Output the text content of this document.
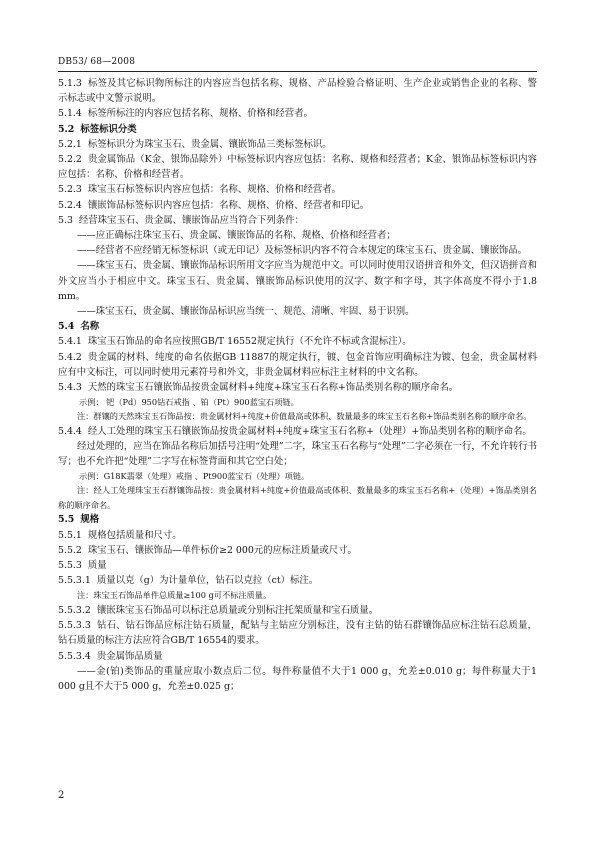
DB53/ 68—2008

5.1.3 标签及其它标识物所标注的内容应当包括名称、规格、产品检验合格证明、生产企业或销售企业的名称、警示标志或中文警示说明。

5.1.4 标签所标注的内容应包括名称、规格、价格和经营者。

5.2 标签标识分类

5.2.1 标签标识分为珠宝玉石、贵金属、镶嵌饰品三类标签标识。

5.2.2 贵金属饰品（K金、银饰品除外）中标签标识内容应包括：名称、规格和经营者；K金、银饰品标签标识内容应包括：名称、价格和经营者。

5.2.3 珠宝玉石标签标识内容应包括：名称、规格、价格和经营者。

5.2.4 镶嵌饰品标签标识内容应包括：名称、规格、价格、经营者和印记。

5.3 经营珠宝玉石、贵金属、镶嵌饰品应当符合下列条件：

——应正确标注珠宝玉石、贵金属、镶嵌饰品的名称、规格、价格和经营者；

——经营者不应经销无标签标识（或无印记）及标签标识内容不符合本规定的珠宝玉石、贵金属、镶嵌饰品。

——珠宝玉石、贵金属、镶嵌饰品标识所用文字应当为规范中文。可以同时使用汉语拼音和外文，但汉语拼音和外文应当小于相应中文。珠宝玉石、贵金属、镶嵌饰品标识使用的汉字、数字和字母，其字体高度不得小于1.8 mm。

——珠宝玉石、贵金属、镶嵌饰品标识应当统一、规范、清晰、牢固、易于识别。

5.4 名称

5.4.1 珠宝玉石饰品的命名应按照GB/T 16552规定执行（不允许不标或含混标注）。

5.4.2 贵金属的材料、纯度的命名依据GB 11887的规定执行，镀、包金首饰应明确标注为镀、包金，贵金属材料应有中文标注，可以同时使用元素符号和外文，非贵金属材料应标注主材料的中文名称。

5.4.3 天然的珠宝玉石镶嵌饰品按贵金属材料+纯度+珠宝玉石名称+饰品类别名称的顺序命名。

示例： 钯（Pd）950钻石戒指 、铂（Pt）900蓝宝石项链。

注：群镶的天然珠宝玉石饰品按：贵金属材料+纯度+价值最高或体积、数量最多的珠宝玉石名称+饰品类别名称的顺序命名。

5.4.4 经人工处理的珠宝玉石镶嵌饰品按贵金属材料+纯度+珠宝玉石名称+（处理）+饰品类别名称的顺序命名。

经过处理的，应当在饰品名称后加括号注明“处理”二字，珠宝玉石名称与“处理”二字必须在一行，不允许转行书写；也不允许把“处理”二字写在标签背面和其它空白处；

示例：G18K翡翠（处理）戒指 、Pt900蓝宝石（处理）项链。

注：经人工处理珠宝玉石群镶饰品按：贵金属材料+纯度+价值最高或体积、数量最多的珠宝玉石名称+（处理）+饰品类别名称的顺序命名。

5.5 规格

5.5.1 规格包括质量和尺寸。

5.5.2 珠宝玉石、镶嵌饰品—单件标价≥2 000元的应标注质量或尺寸。

5.5.3 质量

5.5.3.1 质量以克（g）为计量单位，钻石以克拉（ct）标注。

注：珠宝玉石饰品单件总质量≥100 g可不标注质量。

5.5.3.2 镶嵌珠宝玉石饰品可以标注总质量或分别标注托架质量和宝石质量。

5.5.3.3 钻石、钻石饰品应标注钻石质量，配钻与主钻应分别标注，没有主钻的钻石群镶饰品应标注钻石总质量，钻石质量的标注方法应符合GB/T 16554的要求。

5.5.3.4 贵金属饰品质量

——金(铂)类饰品的重量应取小数点后二位。每件称量值不大于1 000 g，允差±0.010 g；每件称量大于1 000 g且不大于5 000 g，允差±0.025 g；

2
